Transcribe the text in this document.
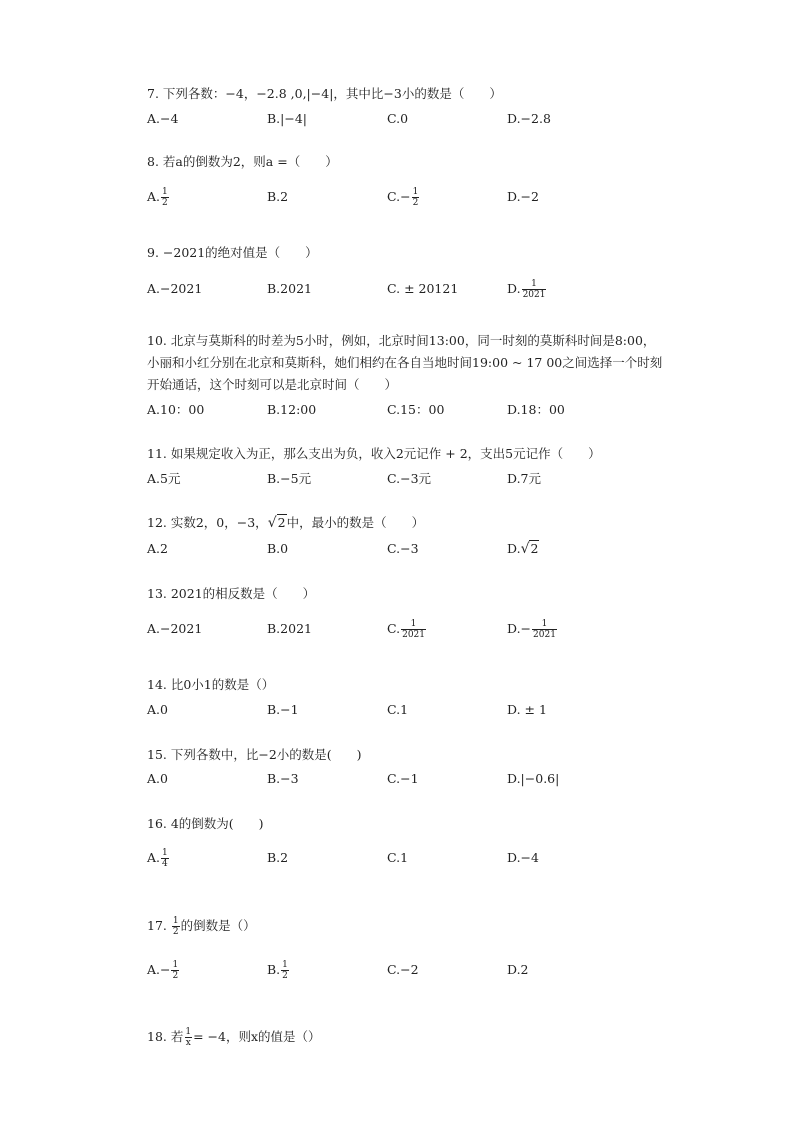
7. 下列各数：−4，−2.8 ,0,|−4|，其中比−3小的数是（　　）
A.−4	B.|−4|	C.0	D.−2.8
8. 若a的倒数为2，则a =（　　）
A. $\frac{1}{2}$	B.2	$C.- \frac{1}{2}$	D.−2
9. −2021的绝对值是（　　）
A.−2021	B.2021	C. ± 20121	D. $\frac{1}{2021}$
10. 北京与莫斯科的时差为5小时，例如，北京时间13:00，同一时刻的莫斯科时间是8:00，小丽和小红分别在北京和莫斯科，她们相约在各自当地时间19:00 ~ 17 00之间选择一个时刻开始通话，这个时刻可以是北京时间（　　）
A.10：00	B.12:00	C.15：00	D.18：00
11. 如果规定收入为正，那么支出为负，收入2元记作 + 2，支出5元记作（　　）
A.5元	B.−5元	C.−3元	D.7元
12. 实数2，0，−3，√2中，最小的数是（　　）
A.2	B.0	C.−3	D.√2
13. 2021的相反数是（　　）
A.−2021	B.2021	C. $\frac{1}{2021}$	$D.- \frac{1}{2021}$
14. 比0小1的数是（）
A.0	B.−1	C.1	D. ± 1
15. 下列各数中，比−2小的数是(　　)
A.0	B.−3	C.−1	D.|−0.6|
16. 4的倒数为(　　)
A. $\frac{1}{4}$	B.2	C.1	D.−4
17. $\frac{1}{2}$ 的倒数是（）
$A.- \frac{1}{2}$	B. $\frac{1}{2}$	C.−2	D.2
18. 若 $\frac{1}{x} = -4$，则x的值是（）
